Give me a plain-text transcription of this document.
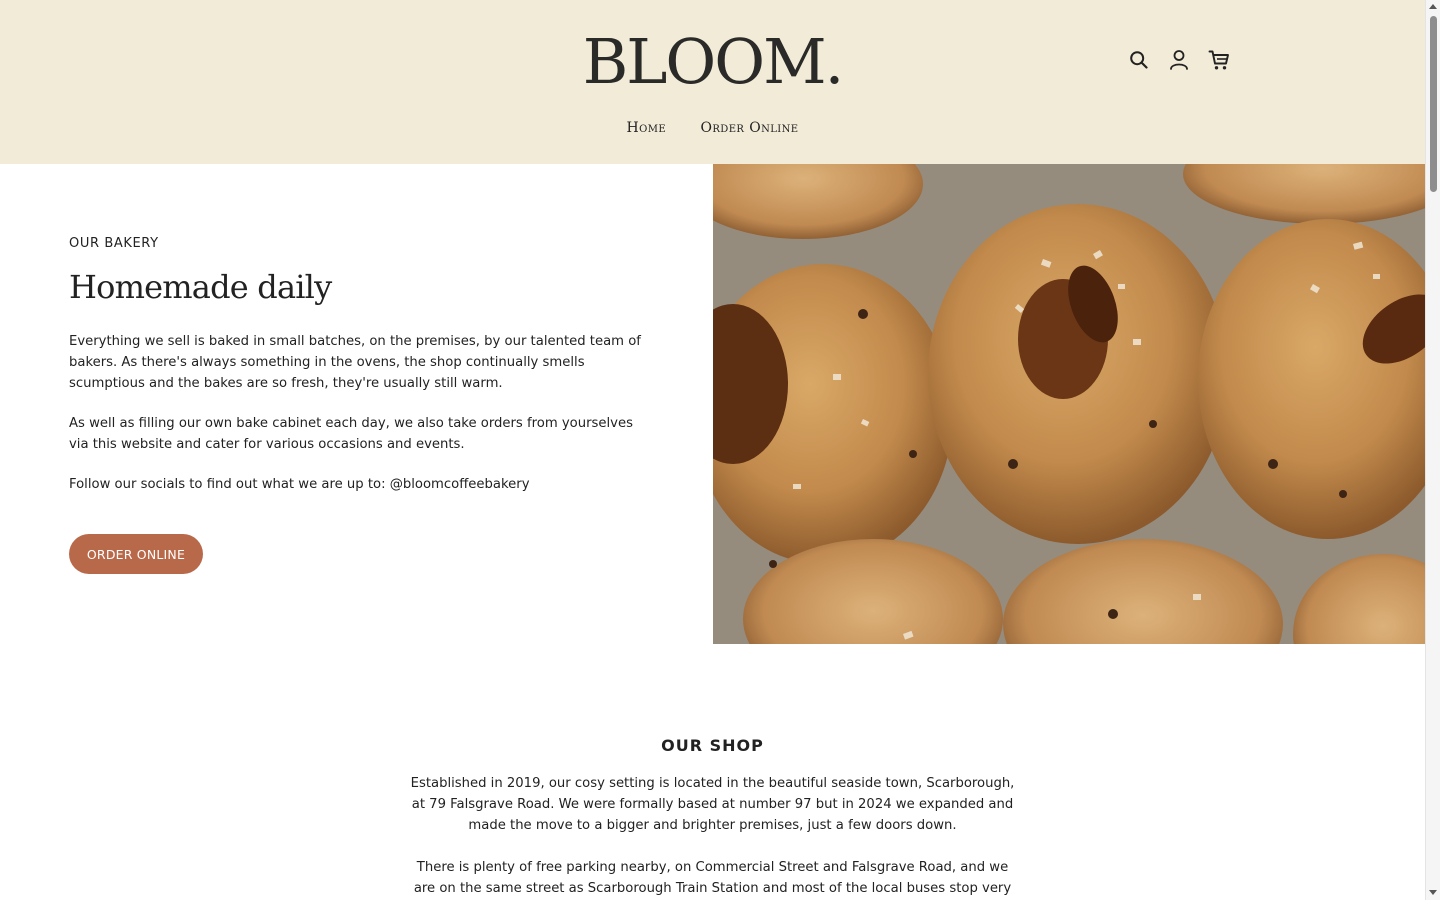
BLOOM.
Home Order Online
OUR BAKERY
Homemade daily

Everything we sell is baked in small batches, on the premises, by our talented team of bakers. As there's always something in the ovens, the shop continually smells scumptious and the bakes are so fresh, they're usually still warm.

As well as filling our own bake cabinet each day, we also take orders from yourselves via this website and cater for various occasions and events.

Follow our socials to find out what we are up to: @bloomcoffeebakery

ORDER ONLINE
OUR SHOP

Established in 2019, our cosy setting is located in the beautiful seaside town, Scarborough, at 79 Falsgrave Road. We were formally based at number 97 but in 2024 we expanded and made the move to a bigger and brighter premises, just a few doors down.

There is plenty of free parking nearby, on Commercial Street and Falsgrave Road, and we are on the same street as Scarborough Train Station and most of the local buses stop very
